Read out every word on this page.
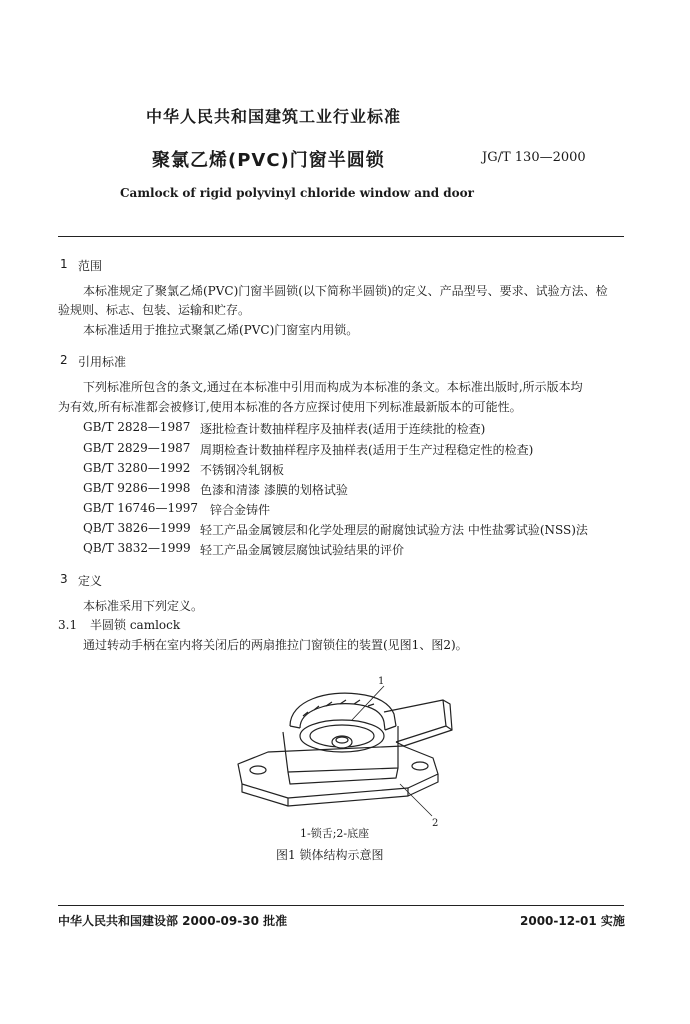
中华人民共和国建筑工业行业标准
聚氯乙烯(PVC)门窗半圆锁	JG/T 130—2000
Camlock of rigid polyvinyl chloride window and door
1 范围
本标准规定了聚氯乙烯(PVC)门窗半圆锁(以下简称半圆锁)的定义、产品型号、要求、试验方法、检
验规则、标志、包装、运输和贮存。
本标准适用于推拉式聚氯乙烯(PVC)门窗室内用锁。
2 引用标准
下列标准所包含的条文,通过在本标准中引用而构成为本标准的条文。本标准出版时,所示版本均
为有效,所有标准都会被修订,使用本标准的各方应探讨使用下列标准最新版本的可能性。
GB/T 2828—1987 逐批检查计数抽样程序及抽样表(适用于连续批的检查)
GB/T 2829—1987 周期检查计数抽样程序及抽样表(适用于生产过程稳定性的检查)
GB/T 3280—1992 不锈钢冷轧钢板
GB/T 9286—1998 色漆和清漆 漆膜的划格试验
GB/T 16746—1997 锌合金铸件
QB/T 3826—1999 轻工产品金属镀层和化学处理层的耐腐蚀试验方法 中性盐雾试验(NSS)法
QB/T 3832—1999 轻工产品金属镀层腐蚀试验结果的评价
3 定义
本标准采用下列定义。
3.1 半圆锁 camlock
通过转动手柄在室内将关闭后的两扇推拉门窗锁住的装置(见图1、图2)。
1
2
1-锁舌;2-底座
图1 锁体结构示意图
中华人民共和国建设部 2000-09-30 批准	2000-12-01 实施
